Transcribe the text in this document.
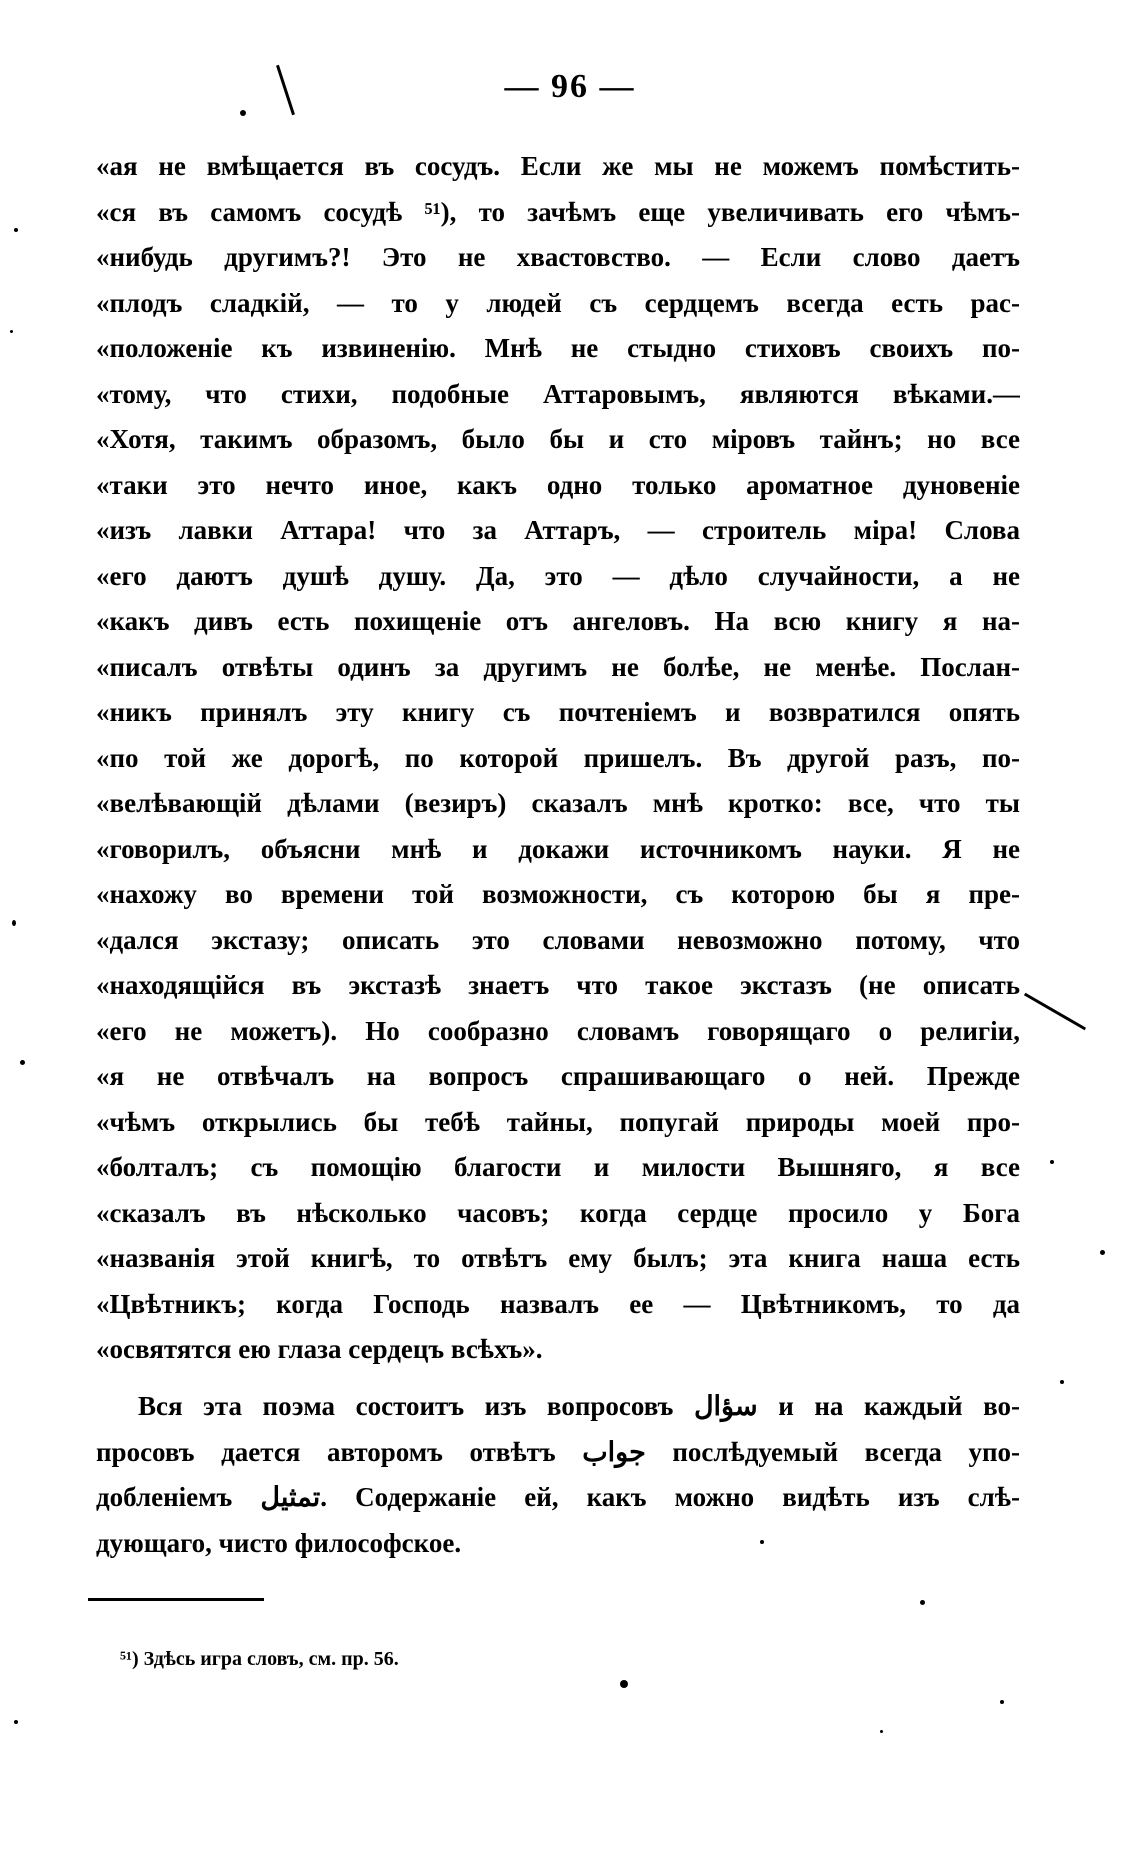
— 96 —
«ая не вмѣщается въ сосудъ. Если же мы не можемъ помѣстить-
«ся въ самомъ сосудѣ ⁵¹), то зачѣмъ еще увеличивать его чѣмъ-
«нибудь другимъ?! Это не хвастовство. — Если слово даетъ
«плодъ сладкій, — то у людей съ сердцемъ всегда есть рас-
«положеніе къ извиненію. Мнѣ не стыдно стиховъ своихъ по-
«тому, что стихи, подобные Аттаровымъ, являются вѣками.—
«Хотя, такимъ образомъ, было бы и сто міровъ тайнъ; но все
«таки это нечто иное, какъ одно только ароматное дуновеніе
«изъ лавки Аттара! что за Аттаръ, — строитель міра! Слова
«его даютъ душѣ душу. Да, это — дѣло случайности, а не
«какъ дивъ есть похищеніе отъ ангеловъ. На всю книгу я на-
«писалъ отвѣты одинъ за другимъ не болѣе, не менѣе. Послан-
«никъ принялъ эту книгу съ почтеніемъ и возвратился опять
«по той же дорогѣ, по которой пришелъ. Въ другой разъ, по-
«велѣвающій дѣлами (везиръ) сказалъ мнѣ кротко: все, что ты
«говорилъ, объясни мнѣ и докажи источникомъ науки. Я не
«нахожу во времени той возможности, съ которою бы я пре-
«дался экстазу; описать это словами невозможно потому, что
«находящійся въ экстазѣ знаетъ что такое экстазъ (не описать
«его не можетъ). Но сообразно словамъ говорящаго о религіи,
«я не отвѣчалъ на вопросъ спрашивающаго о ней. Прежде
«чѣмъ открылись бы тебѣ тайны, попугай природы моей про-
«болталъ; съ помощію благости и милости Вышняго, я все
«сказалъ въ нѣсколько часовъ; когда сердце просило у Бога
«названія этой книгѣ, то отвѣтъ ему былъ; эта книга наша есть
«Цвѣтникъ; когда Господь назвалъ ее — Цвѣтникомъ, то да
«освятятся ею глаза сердецъ всѣхъ».
Вся эта поэма состоитъ изъ вопросовъ سؤال и на каждый во-
просовъ дается авторомъ отвѣтъ جواب послѣдуемый всегда упо-
добленіемъ تمثيل. Содержаніе ей, какъ можно видѣть изъ слѣ-
дующаго, чисто философское.
⁵¹) Здѣсь игра словъ, см. пр. 56.
